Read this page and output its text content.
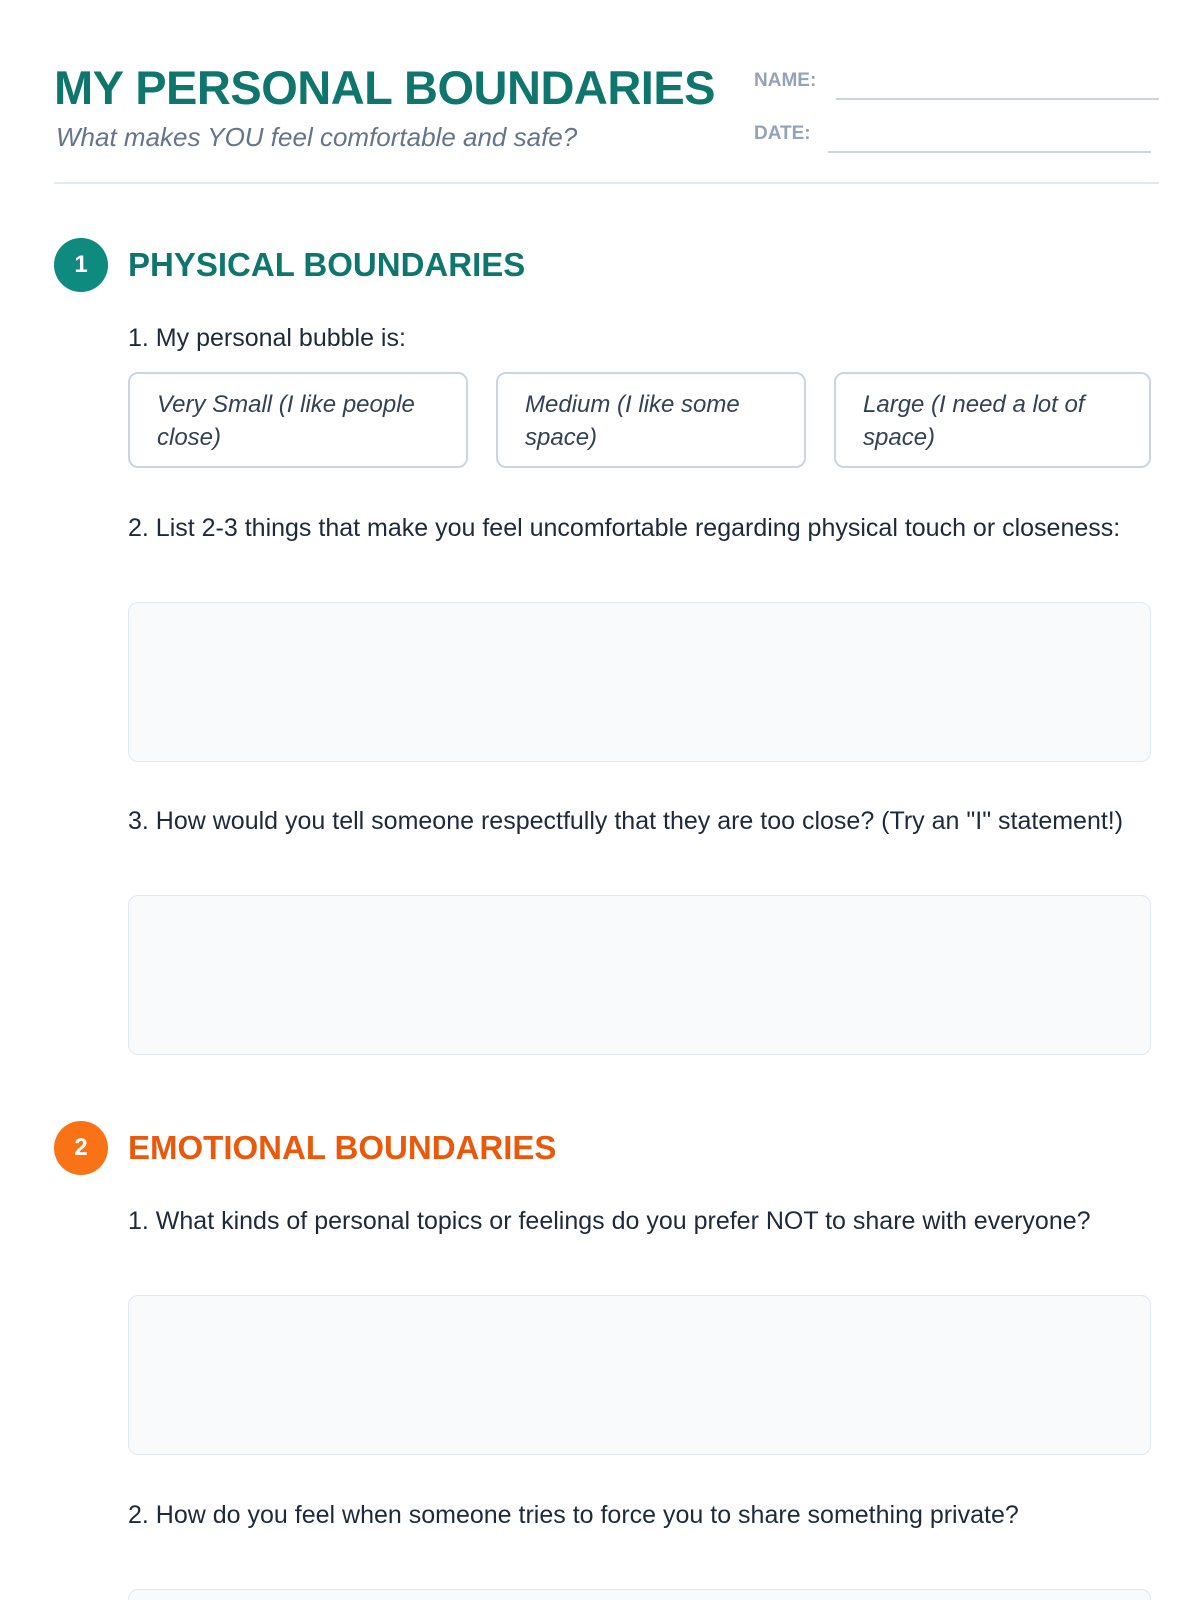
MY PERSONAL BOUNDARIES
What makes YOU feel comfortable and safe?
NAME:
DATE:
1	PHYSICAL BOUNDARIES
1. My personal bubble is:
Very Small (I like people close)
Medium (I like some space)
Large (I need a lot of space)
2. List 2-3 things that make you feel uncomfortable regarding physical touch or closeness:
3. How would you tell someone respectfully that they are too close? (Try an "I" statement!)
2	EMOTIONAL BOUNDARIES
1. What kinds of personal topics or feelings do you prefer NOT to share with everyone?
2. How do you feel when someone tries to force you to share something private?
